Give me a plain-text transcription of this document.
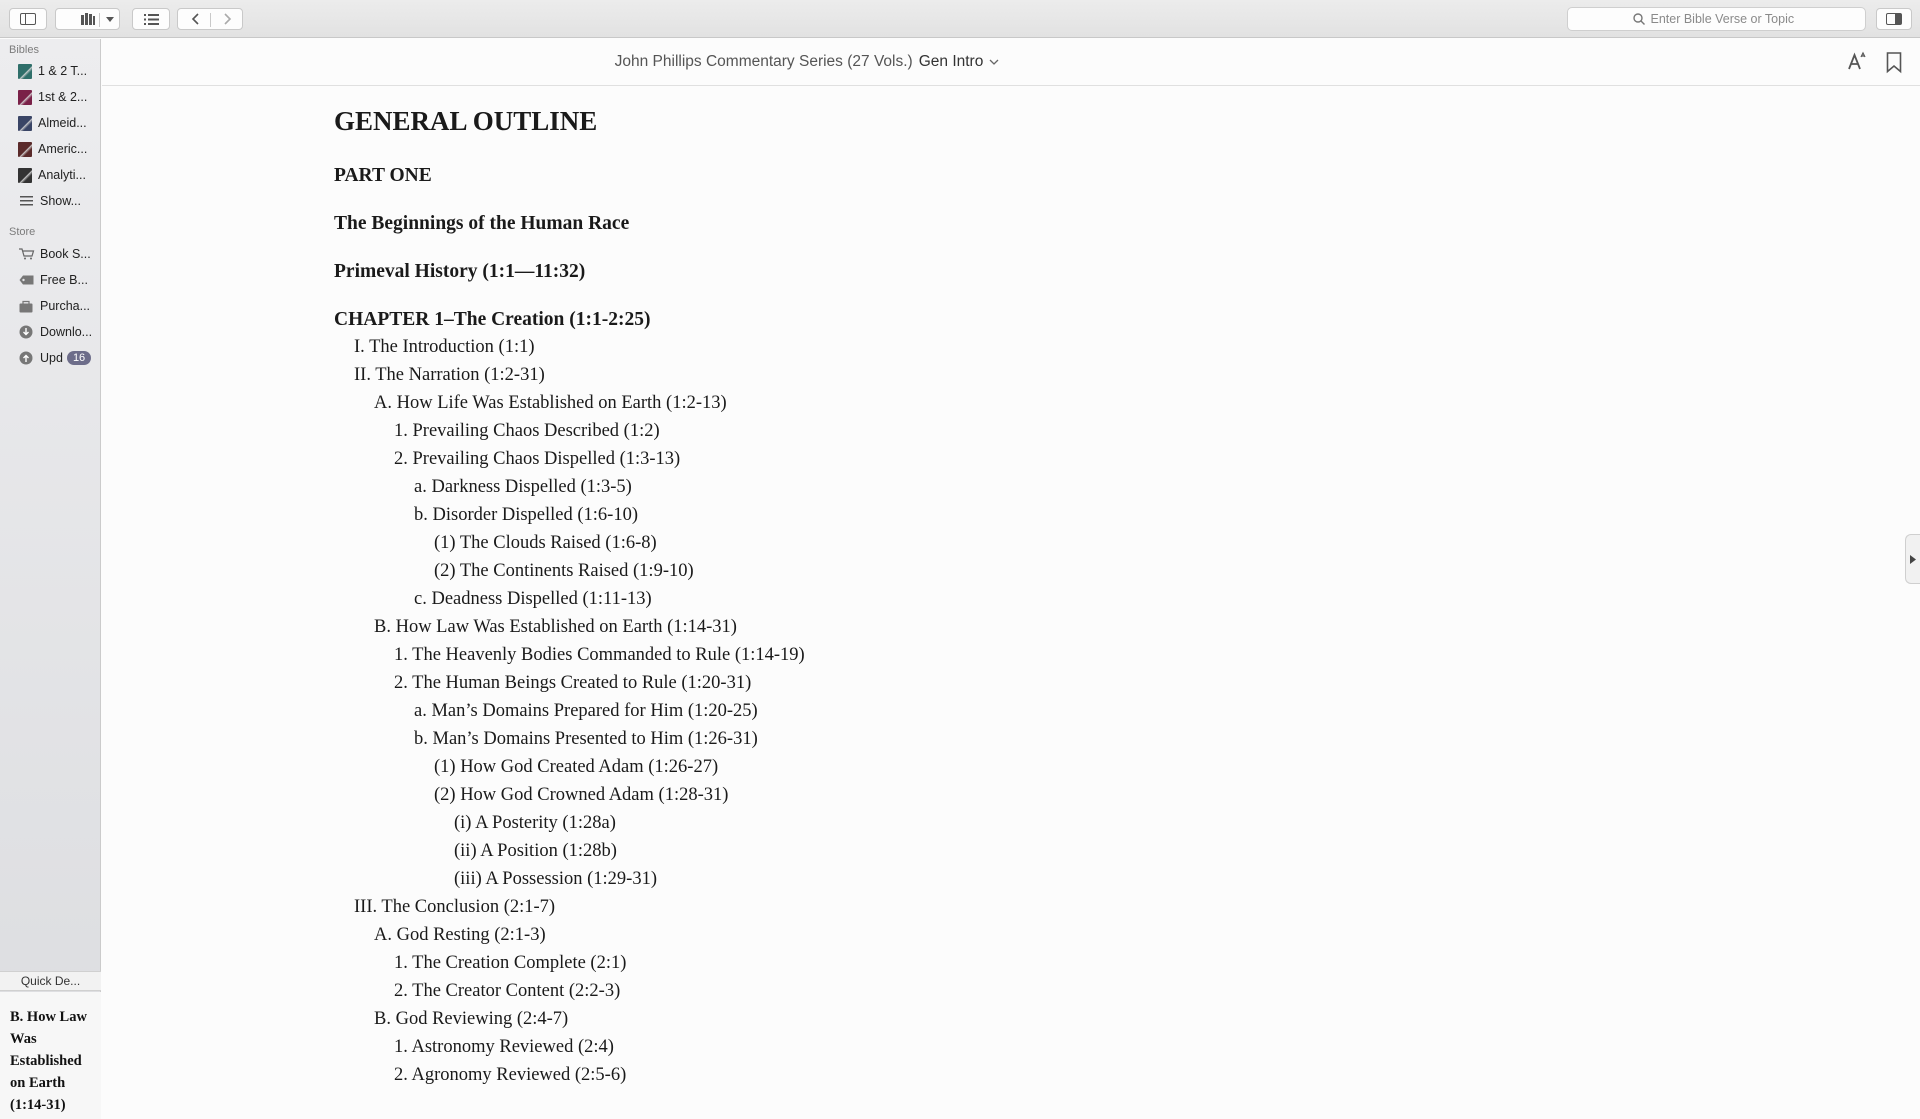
Enter Bible Verse or Topic
Bibles
1 & 2 T...
1st & 2...
Almeid...
Americ...
Analyti...
Show...
Store
Book S...
Free B...
Purcha...
Downlo...
Upd 16
Quick De...
B. How Law Was Established on Earth (1:14-31)
John Phillips Commentary Series (27 Vols.) Gen Intro
GENERAL OUTLINE
PART ONE
The Beginnings of the Human Race
Primeval History (1:1—11:32)
CHAPTER 1–The Creation (1:1-2:25)
I. The Introduction (1:1)
II. The Narration (1:2-31)
A. How Life Was Established on Earth (1:2-13)
1. Prevailing Chaos Described (1:2)
2. Prevailing Chaos Dispelled (1:3-13)
a. Darkness Dispelled (1:3-5)
b. Disorder Dispelled (1:6-10)
(1) The Clouds Raised (1:6-8)
(2) The Continents Raised (1:9-10)
c. Deadness Dispelled (1:11-13)
B. How Law Was Established on Earth (1:14-31)
1. The Heavenly Bodies Commanded to Rule (1:14-19)
2. The Human Beings Created to Rule (1:20-31)
a. Man’s Domains Prepared for Him (1:20-25)
b. Man’s Domains Presented to Him (1:26-31)
(1) How God Created Adam (1:26-27)
(2) How God Crowned Adam (1:28-31)
(i) A Posterity (1:28a)
(ii) A Position (1:28b)
(iii) A Possession (1:29-31)
III. The Conclusion (2:1-7)
A. God Resting (2:1-3)
1. The Creation Complete (2:1)
2. The Creator Content (2:2-3)
B. God Reviewing (2:4-7)
1. Astronomy Reviewed (2:4)
2. Agronomy Reviewed (2:5-6)
